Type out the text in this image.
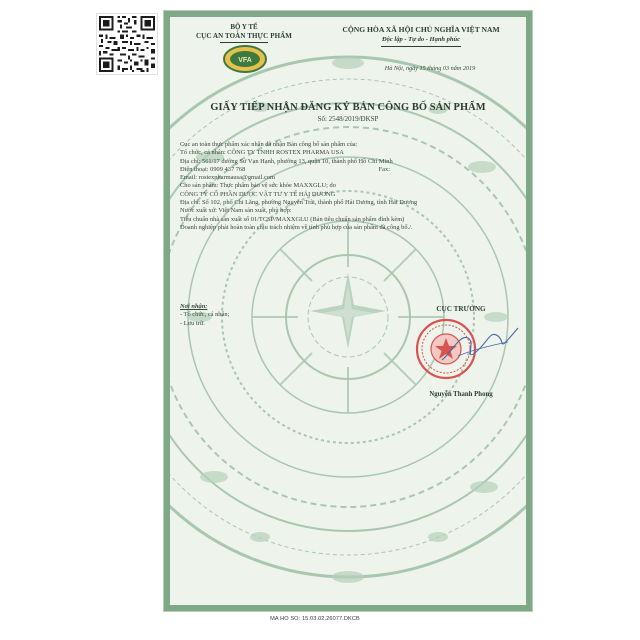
BỘ Y TẾ
CỤC AN TOÀN THỰC PHẨM
VFA
CỘNG HÒA XÃ HỘI CHỦ NGHĨA VIỆT NAM
Độc lập - Tự do - Hạnh phúc
Hà Nội, ngày 15 tháng 03 năm 2019
GIẤY TIẾP NHẬN ĐĂNG KÝ BẢN CÔNG BỐ SẢN PHẨM
Số: 2548/2019/ĐKSP
Cục an toàn thực phẩm xác nhận đã nhận Bản công bố sản phẩm của:
Tổ chức, cá nhân: CÔNG TY TNHH ROSTEX PHARMA USA
Địa chỉ: 561/17 đường Sư Vạn Hạnh, phường 13, quận 10, thành phố Hồ Chí Minh
Điện thoại: 0909 437 768	Fax:
Email: rostexpharmausa@gmail.com
Cho sản phẩm: Thực phẩm bảo vệ sức khỏe MAXXGLU; do
CÔNG TY CỔ PHẦN DƯỢC VẬT TƯ Y TẾ HẢI DƯƠNG
Địa chỉ: Số 102, phố Chi Lăng, phường Nguyễn Trãi, thành phố Hải Dương, tỉnh Hải Dương
Nước xuất xứ: Việt Nam sản xuất, phù hợp:
Tiêu chuẩn nhà sản xuất số 01/TCSP/MAXXGLU (Bản tiêu chuẩn sản phẩm đính kèm)
Doanh nghiệp phải hoàn toàn chịu trách nhiệm về tính phù hợp của sản phẩm đã công bố./.
Nơi nhận:
- Tổ chức, cá nhân;
- Lưu trữ.
CỤC TRƯỞNG
Nguyễn Thanh Phong
MA HO SO: 15.03.02.26077.DKCB
